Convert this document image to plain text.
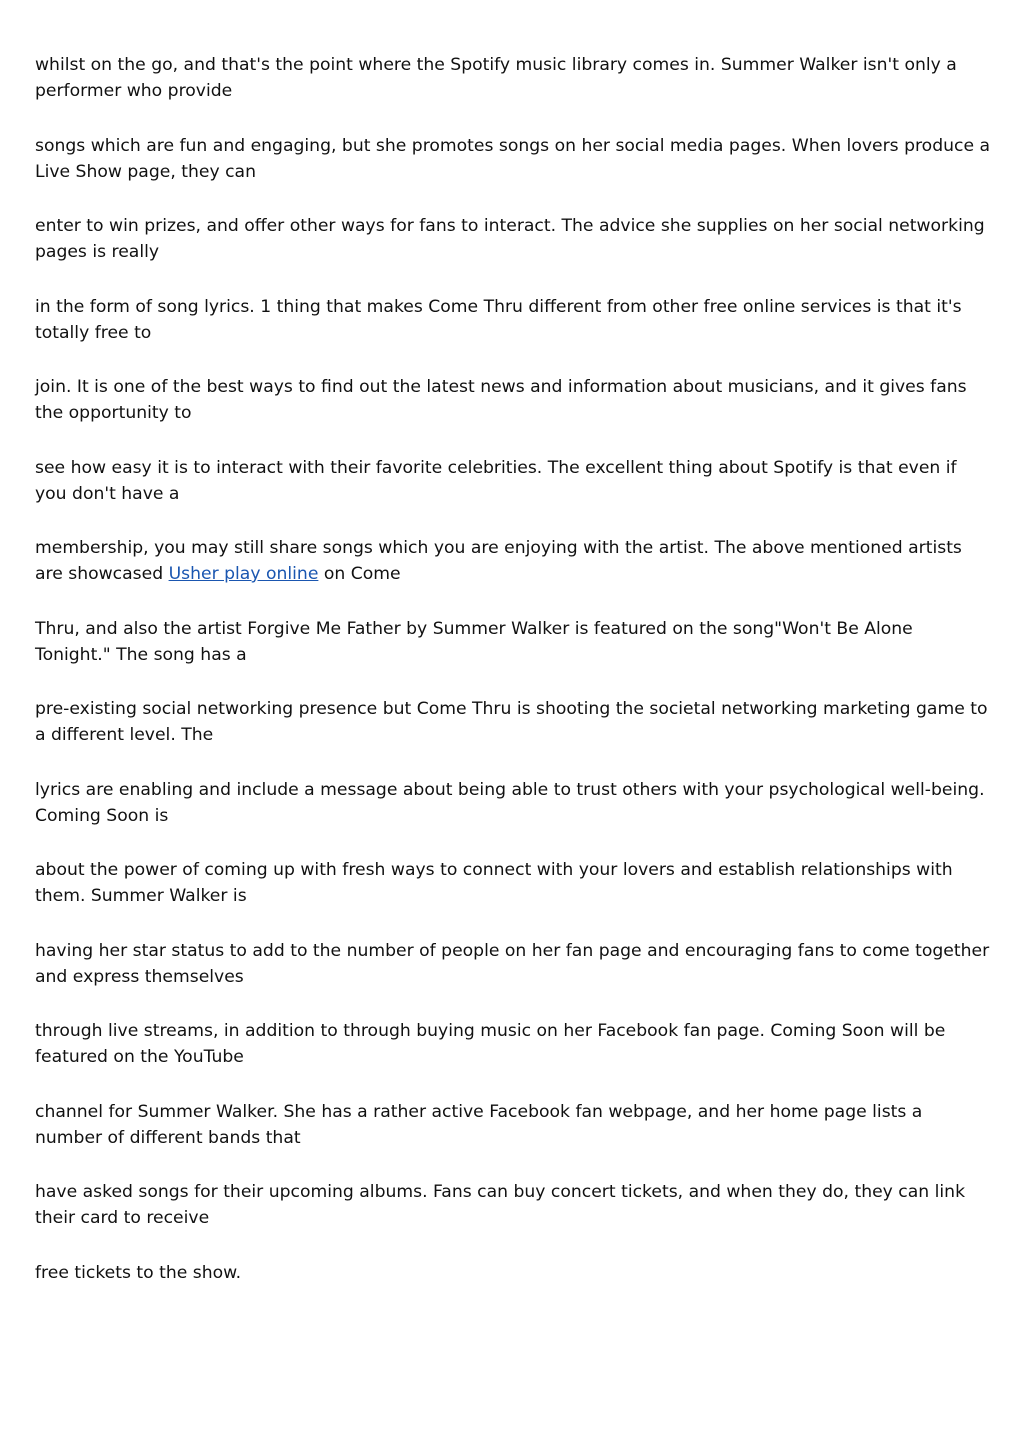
whilst on the go, and that's the point where the Spotify music library comes in. Summer Walker isn't only a performer who provide

songs which are fun and engaging, but she promotes songs on her social media pages. When lovers produce a Live Show page, they can

enter to win prizes, and offer other ways for fans to interact. The advice she supplies on her social networking pages is really

in the form of song lyrics. 1 thing that makes Come Thru different from other free online services is that it's totally free to

join. It is one of the best ways to find out the latest news and information about musicians, and it gives fans the opportunity to

see how easy it is to interact with their favorite celebrities. The excellent thing about Spotify is that even if you don't have a

membership, you may still share songs which you are enjoying with the artist. The above mentioned artists are showcased Usher play online on Come

Thru, and also the artist Forgive Me Father by Summer Walker is featured on the song"Won't Be Alone Tonight." The song has a

pre-existing social networking presence but Come Thru is shooting the societal networking marketing game to a different level. The

lyrics are enabling and include a message about being able to trust others with your psychological well-being. Coming Soon is

about the power of coming up with fresh ways to connect with your lovers and establish relationships with them. Summer Walker is

having her star status to add to the number of people on her fan page and encouraging fans to come together and express themselves

through live streams, in addition to through buying music on her Facebook fan page. Coming Soon will be featured on the YouTube

channel for Summer Walker. She has a rather active Facebook fan webpage, and her home page lists a number of different bands that

have asked songs for their upcoming albums. Fans can buy concert tickets, and when they do, they can link their card to receive

free tickets to the show.
